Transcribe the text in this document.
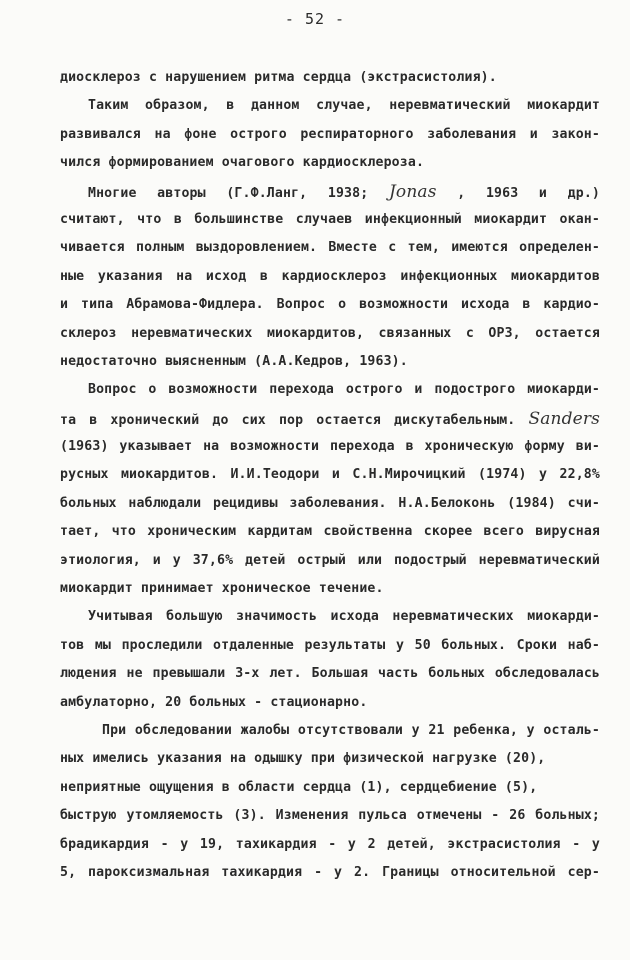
- 52 -
диосклероз с нарушением ритма сердца (экстрасистолия).
Таким образом, в данном случае, неревматический миокардит
развивался на фоне острого респираторного заболевания и закон-
чился формированием очагового кардиосклероза.
Многие авторы (Г.Ф.Ланг, 1938; Jonas , 1963 и др.)
считают, что в большинстве случаев инфекционный миокардит окан-
чивается полным выздоровлением. Вместе с тем, имеются определен-
ные указания на исход в кардиосклероз инфекционных миокардитов
и типа Абрамова-Фидлера. Вопрос о возможности исхода в кардио-
склероз неревматических миокардитов, связанных с ОРЗ, остается
недостаточно выясненным (А.А.Кедров, 1963).
Вопрос о возможности перехода острого и подострого миокарди-
та в хронический до сих пор остается дискутабельным. Sanders
(1963) указывает на возможности перехода в хроническую форму ви-
русных миокардитов. И.И.Теодори и С.Н.Мирочицкий (1974) у 22,8%
больных наблюдали рецидивы заболевания. Н.А.Белоконь (1984) счи-
тает, что хроническим кардитам свойственна скорее всего вирусная
этиология, и у 37,6% детей острый или подострый неревматический
миокардит принимает хроническое течение.
Учитывая большую значимость исхода неревматических миокарди-
тов мы проследили отдаленные результаты у 50 больных. Сроки наб-
людения не превышали 3-х лет. Большая часть больных обследовалась
амбулаторно, 20 больных - стационарно.
При обследовании жалобы отсутствовали у 21 ребенка, у осталь-
ных имелись указания на одышку при физической нагрузке (20),
неприятные ощущения в области сердца (1), сердцебиение (5),
быструю утомляемость (3). Изменения пульса отмечены - 26 больных;
брадикардия - у 19, тахикардия - у 2 детей, экстрасистолия - у
5, пароксизмальная тахикардия - у 2. Границы относительной сер-
